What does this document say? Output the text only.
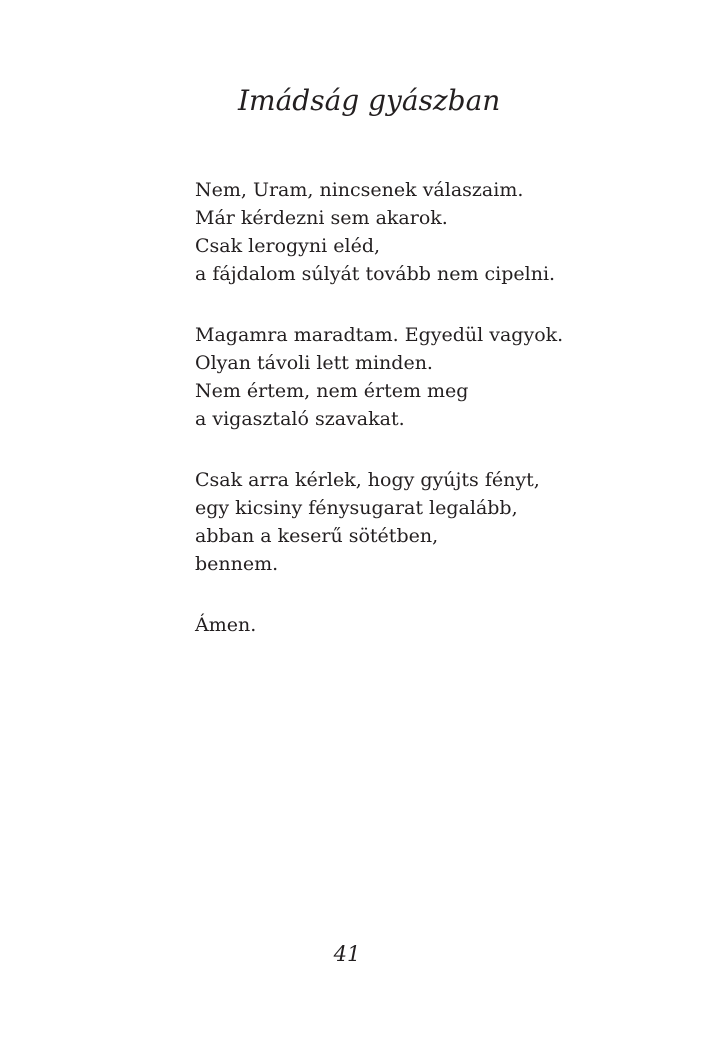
Imádság gyászban
Nem, Uram, nincsenek válaszaim.
Már kérdezni sem akarok.
Csak lerogyni eléd,
a fájdalom súlyát tovább nem cipelni.
Magamra maradtam. Egyedül vagyok.
Olyan távoli lett minden.
Nem értem, nem értem meg
a vigasztaló szavakat.
Csak arra kérlek, hogy gyújts fényt,
egy kicsiny fénysugarat legalább,
abban a keserű sötétben,
bennem.
Ámen.
41
